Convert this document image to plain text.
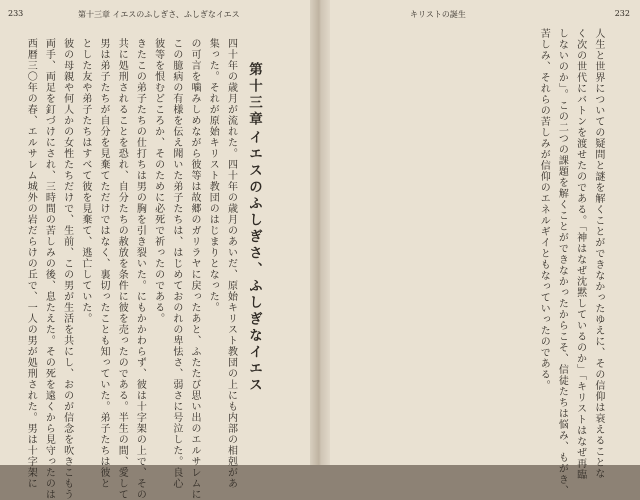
233	第十三章 イエスのふしぎさ、ふしぎなイエス	キリストの誕生	232
四十年の歳月が流れた。四十年の歳月のあいだ、原始キリスト教団の上にも内部の相剋があ
集った。それが原始キリスト教団のはじまりとなった。
の可言を噛みしめながら彼等は故郷のガリラヤに戻ったあと、ふたたび思い出のエルサレムに
この臆病の有様を伝え聞いた弟子たちは、はじめておのれの卑怯さ、弱さに号泣した。良心
彼等を恨むどころか、そのために必死で祈ったのである。
きたこの弟子たちの仕打ちは男の胸を引き裂いた。にもかかわらず、彼は十字架の上で、その
共に処刑されることを恐れ、自分たちの赦放を条件に彼を売ったのである。半生の間、愛して
男は弟子たちが自分を見棄てただけではなく、裏切ったことも知っていた。弟子たちは彼と
とした友や弟子たちはすべて彼を見棄て、逃亡していた。
彼の母親や何人かの女性たちだけで、生前、この男が生活を共にし、おのが信念を吹きこもう
両手、両足を釘づけにされ、三時間の苦しみの後、息たえた。その死を遠くから見守ったのは
西暦三〇年の春、エルサレム城外の岩だらけの丘で、一人の男が処刑された。男は十字架に	第十三章
イエスのふしぎさ、ふしぎなイエス	人生と世界についての疑問と謎を解くことができなかったゆえに、その信仰は衰えることな
く次の世代にバトンを渡せたのである。「神はなぜ沈黙しているのか」「キリストはなぜ再臨
しないのか」。この二つの課題を解くことができなかったからこそ、信徒たちは悩み、もがき、
苦しみ、それらの苦しみが信仰のエネルギイともなっていったのである。
